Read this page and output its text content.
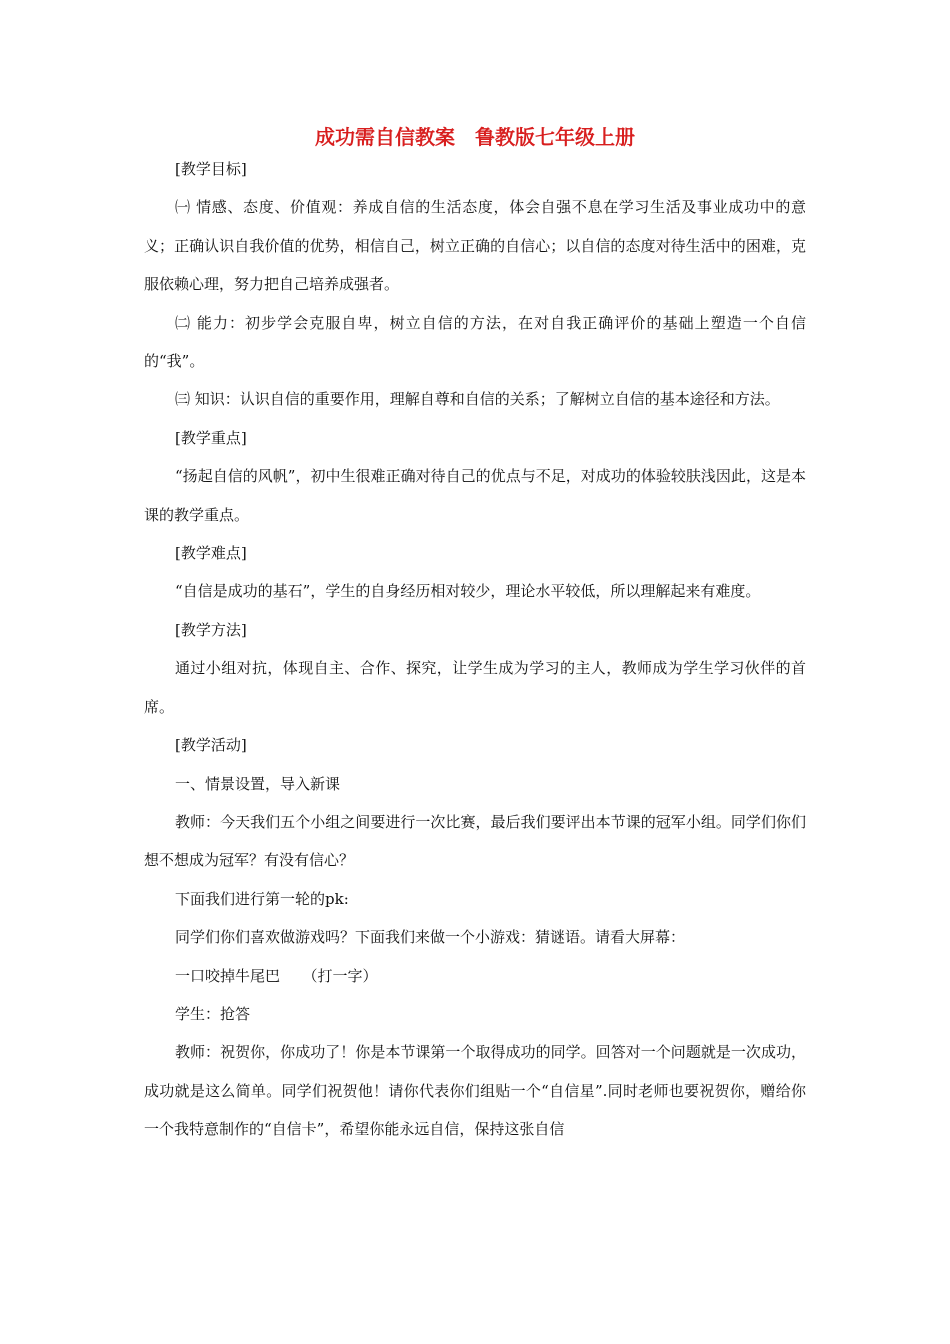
成功需自信教案　鲁教版七年级上册

[教学目标]

㈠ 情感、态度、价值观：养成自信的生活态度，体会自强不息在学习生活及事业成功中的意义；正确认识自我价值的优势，相信自己，树立正确的自信心；以自信的态度对待生活中的困难，克服依赖心理，努力把自己培养成强者。

㈡ 能力：初步学会克服自卑，树立自信的方法，在对自我正确评价的基础上塑造一个自信的“我”。

㈢ 知识：认识自信的重要作用，理解自尊和自信的关系；了解树立自信的基本途径和方法。

[教学重点]

“扬起自信的风帆”，初中生很难正确对待自己的优点与不足，对成功的体验较肤浅因此，这是本课的教学重点。

[教学难点]

“自信是成功的基石”，学生的自身经历相对较少，理论水平较低，所以理解起来有难度。

[教学方法]

通过小组对抗，体现自主、合作、探究，让学生成为学习的主人，教师成为学生学习伙伴的首席。

[教学活动]

一、情景设置，导入新课

教师：今天我们五个小组之间要进行一次比赛，最后我们要评出本节课的冠军小组。同学们你们想不想成为冠军？有没有信心？

下面我们进行第一轮的pk:

同学们你们喜欢做游戏吗？下面我们来做一个小游戏：猜谜语。请看大屏幕：

一口咬掉牛尾巴　　（打一字）

学生：抢答

教师：祝贺你，你成功了！你是本节课第一个取得成功的同学。回答对一个问题就是一次成功，成功就是这么简单。同学们祝贺他！请你代表你们组贴一个“自信星”.同时老师也要祝贺你，赠给你一个我特意制作的“自信卡”，希望你能永远自信，保持这张自信
